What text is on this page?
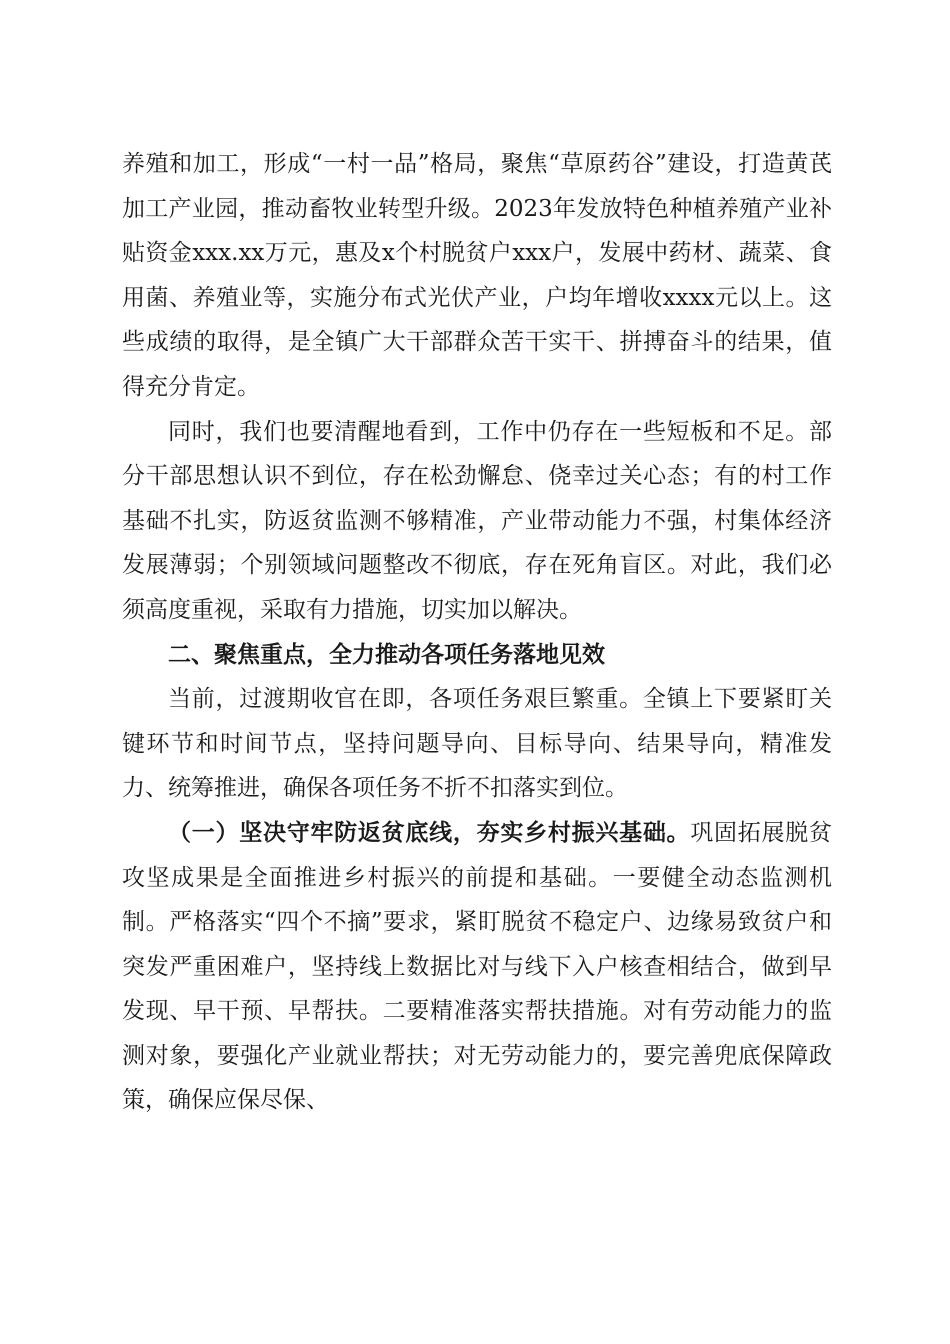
养殖和加工，形成“一村一品”格局，聚焦“草原药谷”建设，打造黄芪加工产业园，推动畜牧业转型升级。2023年发放特色种植养殖产业补贴资金xxx.xx万元，惠及x个村脱贫户xxx户，发展中药材、蔬菜、食用菌、养殖业等，实施分布式光伏产业，户均年增收xxxx元以上。这些成绩的取得，是全镇广大干部群众苦干实干、拼搏奋斗的结果，值得充分肯定。

同时，我们也要清醒地看到，工作中仍存在一些短板和不足。部分干部思想认识不到位，存在松劲懈怠、侥幸过关心态；有的村工作基础不扎实，防返贫监测不够精准，产业带动能力不强，村集体经济发展薄弱；个别领域问题整改不彻底，存在死角盲区。对此，我们必须高度重视，采取有力措施，切实加以解决。

二、聚焦重点，全力推动各项任务落地见效

当前，过渡期收官在即，各项任务艰巨繁重。全镇上下要紧盯关键环节和时间节点，坚持问题导向、目标导向、结果导向，精准发力、统筹推进，确保各项任务不折不扣落实到位。

（一）坚决守牢防返贫底线，夯实乡村振兴基础。巩固拓展脱贫攻坚成果是全面推进乡村振兴的前提和基础。一要健全动态监测机制。严格落实“四个不摘”要求，紧盯脱贫不稳定户、边缘易致贫户和突发严重困难户，坚持线上数据比对与线下入户核查相结合，做到早发现、早干预、早帮扶。二要精准落实帮扶措施。对有劳动能力的监测对象，要强化产业就业帮扶；对无劳动能力的，要完善兜底保障政策，确保应保尽保、
